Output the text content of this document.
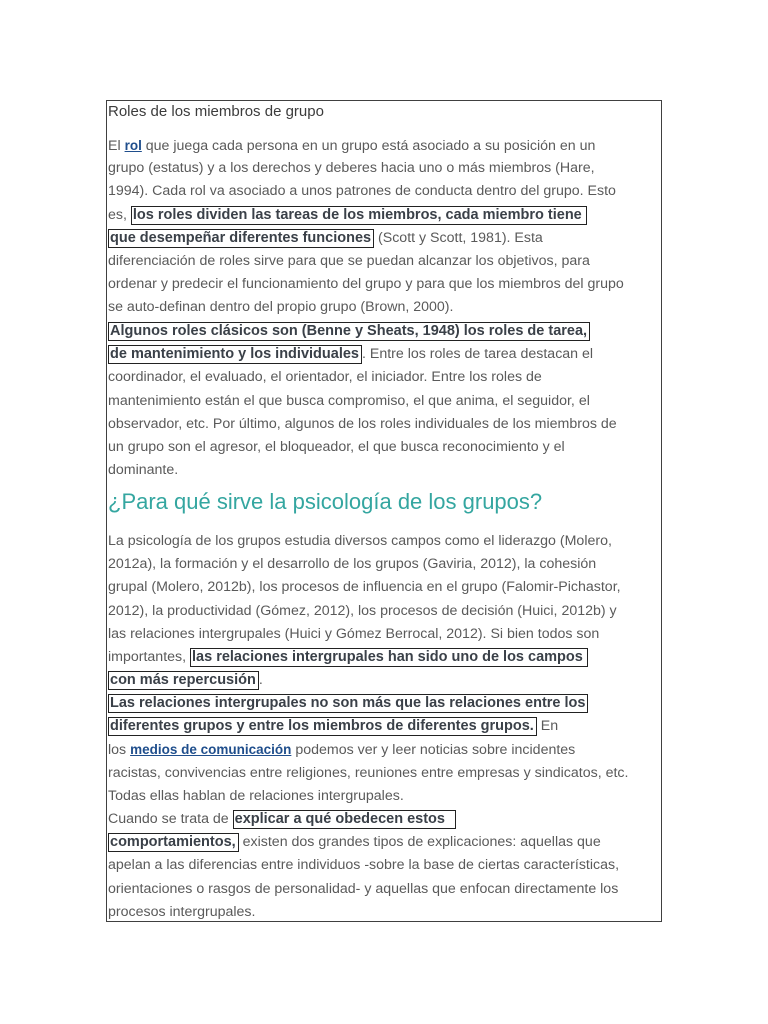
Roles de los miembros de grupo
El rol que juega cada persona en un grupo está asociado a su posición en un
grupo (estatus) y a los derechos y deberes hacia uno o más miembros (Hare,
1994). Cada rol va asociado a unos patrones de conducta dentro del grupo. Esto
es, los roles dividen las tareas de los miembros, cada miembro tiene
que desempeñar diferentes funciones (Scott y Scott, 1981). Esta
diferenciación de roles sirve para que se puedan alcanzar los objetivos, para
ordenar y predecir el funcionamiento del grupo y para que los miembros del grupo
se auto-definan dentro del propio grupo (Brown, 2000).
Algunos roles clásicos son (Benne y Sheats, 1948) los roles de tarea,
de mantenimiento y los individuales . Entre los roles de tarea destacan el
coordinador, el evaluado, el orientador, el iniciador. Entre los roles de
mantenimiento están el que busca compromiso, el que anima, el seguidor, el
observador, etc. Por último, algunos de los roles individuales de los miembros de
un grupo son el agresor, el bloqueador, el que busca reconocimiento y el
dominante.
¿Para qué sirve la psicología de los grupos?
La psicología de los grupos estudia diversos campos como el liderazgo (Molero,
2012a), la formación y el desarrollo de los grupos (Gaviria, 2012), la cohesión
grupal (Molero, 2012b), los procesos de influencia en el grupo (Falomir-Pichastor,
2012), la productividad (Gómez, 2012), los procesos de decisión (Huici, 2012b) y
las relaciones intergrupales (Huici y Gómez Berrocal, 2012). Si bien todos son
importantes, las relaciones intergrupales han sido uno de los campos
con más repercusión .
Las relaciones intergrupales no son más que las relaciones entre los
diferentes grupos y entre los miembros de diferentes grupos. En
los medios de comunicación podemos ver y leer noticias sobre incidentes
racistas, convivencias entre religiones, reuniones entre empresas y sindicatos, etc.
Todas ellas hablan de relaciones intergrupales.
Cuando se trata de explicar a qué obedecen estos
comportamientos, existen dos grandes tipos de explicaciones: aquellas que
apelan a las diferencias entre individuos -sobre la base de ciertas características,
orientaciones o rasgos de personalidad- y aquellas que enfocan directamente los
procesos intergrupales.
